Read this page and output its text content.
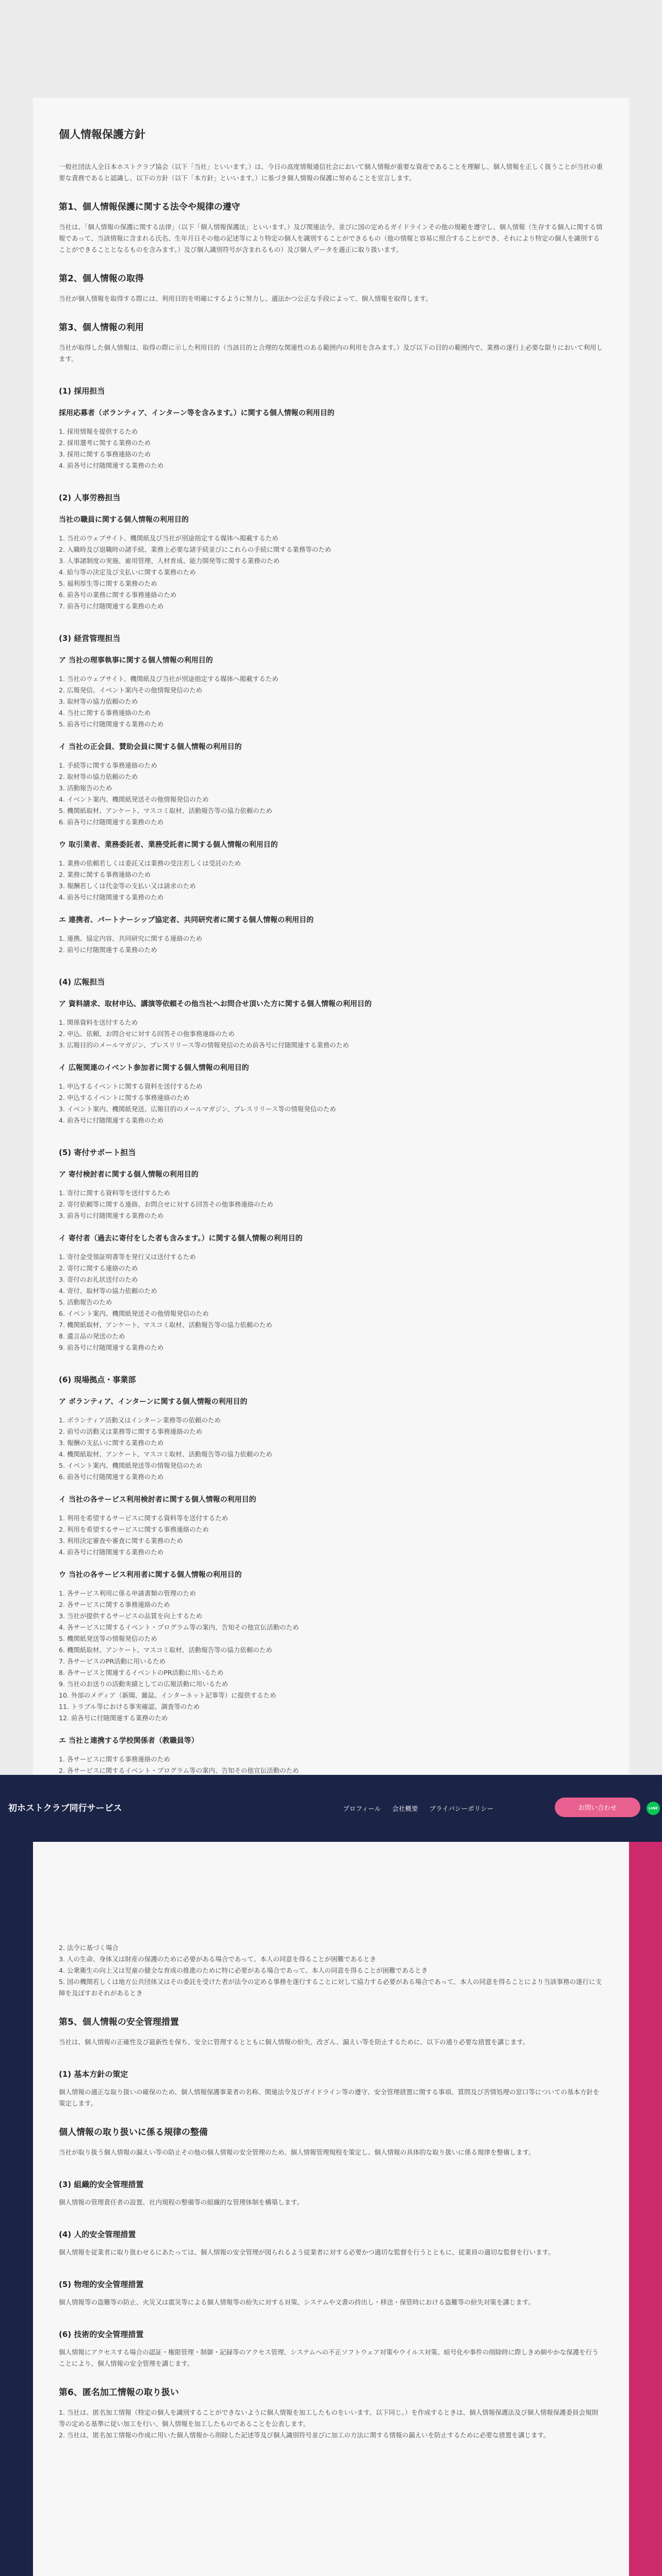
個人情報保護方針

一般社団法人全日本ホストクラブ協会（以下「当社」といいます。）は、今日の高度情報通信社会において個人情報が重要な資産であることを理解し、個人情報を正しく扱うことが当社の重要な責務であると認識し、以下の方針（以下「本方針」といいます。）に基づき個人情報の保護に努めることを宣言します。

第1、個人情報保護に関する法令や規律の遵守

当社は、「個人情報の保護に関する法律」（以下「個人情報保護法」といいます。）及び関連法令、並びに国の定めるガイドラインその他の規範を遵守し、個人情報（生存する個人に関する情報であって、当該情報に含まれる氏名、生年月日その他の記述等により特定の個人を識別することができるもの（他の情報と容易に照合することができ、それにより特定の個人を識別することができることとなるものを含みます。）及び個人識別符号が含まれるもの）及び個人データを適正に取り扱います。

第2、個人情報の取得

当社が個人情報を取得する際には、利用目的を明確にするように努力し、適法かつ公正な手段によって、個人情報を取得します。

第3、個人情報の利用

当社が取得した個人情報は、取得の際に示した利用目的（当該目的と合理的な関連性のある範囲内の利用を含みます。）及び以下の目的の範囲内で、業務の遂行上必要な限りにおいて利用します。

(1) 採用担当
採用応募者（ボランティア、インターン等を含みます。）に関する個人情報の利用目的
1. 採用情報を提供するため
2. 採用選考に関する業務のため
3. 採用に関する事務連絡のため
4. 前各号に付随関連する業務のため
(2) 人事労務担当
当社の職員に関する個人情報の利用目的
1. 当社のウェブサイト、機関紙及び当社が別途指定する媒体へ掲載するため
2. 入職時及び退職時の諸手続、業務上必要な諸手続並びにこれらの手続に関する業務等のため
3. 人事諸制度の実施、雇用管理、人材育成、能力開発等に関する業務のため
4. 給与等の決定及び支払いに関する業務のため
5. 福利厚生等に関する業務のため
6. 前各号の業務に関する事務連絡のため
7. 前各号に付随関連する業務のため
(3) 経営管理担当
ア 当社の理事執事に関する個人情報の利用目的
1. 当社のウェブサイト、機関紙及び当社が別途指定する媒体へ掲載するため
2. 広報発信、イベント案内その他情報発信のため
3. 取材等の協力依頼のため
4. 当社に関する事務連絡のため
5. 前各号に付随関連する業務のため
イ 当社の正会員、賛助会員に関する個人情報の利用目的
1. 手続等に関する事務連絡のため
2. 取材等の協力依頼のため
3. 活動報告のため
4. イベント案内、機関紙発送その他情報発信のため
5. 機関紙取材、アンケート、マスコミ取材、活動報告等の協力依頼のため
6. 前各号に付随関連する業務のため
ウ 取引業者、業務委託者、業務受託者に関する個人情報の利用目的
1. 業務の依頼若しくは委託又は業務の受注若しくは受託のため
2. 業務に関する事務連絡のため
3. 報酬若しくは代金等の支払い又は請求のため
4. 前各号に付随関連する業務のため
エ 連携者、パートナーシップ協定者、共同研究者に関する個人情報の利用目的
1. 連携、協定内容、共同研究に関する連絡のため
2. 前号に付随関連する業務のため
(4) 広報担当
ア 資料請求、取材申込、講演等依頼その他当社へお問合せ頂いた方に関する個人情報の利用目的
1. 関係資料を送付するため
2. 申込、依頼、お問合せに対する回答その他事務連絡のため
3. 広報目的のメールマガジン、プレスリリース等の情報発信のため前各号に付随関連する業務のため
イ 広報関連のイベント参加者に関する個人情報の利用目的
1. 申込するイベントに関する資料を送付するため
2. 申込するイベントに関する事務連絡のため
3. イベント案内、機関紙発送、広報目的のメールマガジン、プレスリリース等の情報発信のため
4. 前各号に付随関連する業務のため
(5) 寄付サポート担当
ア 寄付検討者に関する個人情報の利用目的
1. 寄付に関する資料等を送付するため
2. 寄付依頼等に関する連絡、お問合せに対する回答その他事務連絡のため
3. 前各号に付随関連する業務のため
イ 寄付者（過去に寄付をした者も含みます。）に関する個人情報の利用目的
1. 寄付金受領証明書等を発行又は送付するため
2. 寄付に関する連絡のため
3. 寄付のお礼状送付のため
4. 寄付、取材等の協力依頼のため
5. 活動報告のため
6. イベント案内、機関紙発送その他情報発信のため
7. 機関紙取材、アンケート、マスコミ取材、活動報告等の協力依頼のため
8. 遺言品の発送のため
9. 前各号に付随関連する業務のため
(6) 現場拠点・事業部
ア ボランティア、インターンに関する個人情報の利用目的
1. ボランティア活動又はインターン業務等の依頼のため
2. 前号の活動又は業務等に関する事務連絡のため
3. 報酬の支払いに関する業務のため
4. 機関紙取材、アンケート、マスコミ取材、活動報告等の協力依頼のため
5. イベント案内、機関紙発送等の情報発信のため
6. 前各号に付随関連する業務のため
イ 当社の各サービス利用検討者に関する個人情報の利用目的
1. 利用を希望するサービスに関する資料等を送付するため
2. 利用を希望するサービスに関する事務連絡のため
3. 利用決定審査や審査に関する業務のため
4. 前各号に付随関連する業務のため
ウ 当社の各サービス利用者に関する個人情報の利用目的
1. 各サービス利用に係る申請書類の管理のため
2. 各サービスに関する事務連絡のため
3. 当社が提供するサービスの品質を向上するため
4. 各サービスに関するイベント・プログラム等の案内、告知その他宣伝活動のため
5. 機関紙発送等の情報発信のため
6. 機関紙取材、アンケート、マスコミ取材、活動報告等の協力依頼のため
7. 各サービスのPR活動に用いるため
8. 各サービスと関連するイベントのPR活動に用いるため
9. 当社のお送りの活動実績としての広報活動に用いるため
10. 外部のメディア（新聞、雑誌、インターネット記事等）に提供するため
11. トラブル等における事実確認、調査等のため
12. 前各号に付随関連する業務のため
エ 当社と連携する学校関係者（教職員等）
1. 各サービスに関する事務連絡のため
2. 各サービスに関するイベント・プログラム等の案内、告知その他宣伝活動のため
2. 法令に基づく場合
3. 人の生命、身体又は財産の保護のために必要がある場合であって、本人の同意を得ることが困難であるとき
4. 公衆衛生の向上又は児童の健全な育成の推進のために特に必要がある場合であって、本人の同意を得ることが困難であるとき
5. 国の機関若しくは地方公共団体又はその委託を受けた者が法令の定める事務を遂行することに対して協力する必要がある場合であって、本人の同意を得ることにより当該事務の遂行に支障を及ぼすおそれがあるとき
第5、個人情報の安全管理措置

当社は、個人情報の正確性及び最新性を保ち、安全に管理するとともに個人情報の紛失、改ざん、漏えい等を防止するために、以下の通り必要な措置を講じます。

(1) 基本方針の策定

個人情報の適正な取り扱いの確保のため、個人情報保護事業者の名称、関連法令及びガイドライン等の遵守、安全管理措置に関する事項、質問及び苦情処理の窓口等についての基本方針を策定します。

個人情報の取り扱いに係る規律の整備

当社が取り扱う個人情報の漏えい等の防止その他の個人情報の安全管理のため、個人情報管理規程を策定し、個人情報の具体的な取り扱いに係る規律を整備します。

(3) 組織的安全管理措置

個人情報の管理責任者の設置、社内規程の整備等の組織的な管理体制を構築します。

(4) 人的安全管理措置

個人情報を従業者に取り扱わせるにあたっては、個人情報の安全管理が図られるよう従業者に対する必要かつ適切な監督を行うとともに、従業員の適切な監督を行います。

(5) 物理的安全管理措置

個人情報等の盗難等の防止、火災又は震災等による個人情報等の紛失に対する対策、システムや文書の持出し・移送・保管時における盗難等の紛失対策を講じます。

(6) 技術的安全管理措置

個人情報にアクセスする場合の認証・権限管理・制御・記録等のアクセス管理、システムへの不正ソフトウェア対策やウイルス対策、暗号化や事件の削除時に際しきめ細やかな保護を行うことにより、個人情報の安全管理を講じます。

第6、匿名加工情報の取り扱い
1. 当社は、匿名加工情報（特定の個人を識別することができないように個人情報を加工したものをいいます。以下同じ。）を作成するときは、個人情報保護法及び個人情報保護委員会規則等の定める基準に従い加工を行い、個人情報を加工したものであることを公表します。
2. 当社は、匿名加工情報の作成に用いた個人情報から削除した記述等及び個人識別符号並びに加工の方法に関する情報の漏えいを防止するために必要な措置を講じます。
初ホストクラブ同行サービス	プロフィール 会社概要 プライバシーポリシー	お問い合わせ	LINE
